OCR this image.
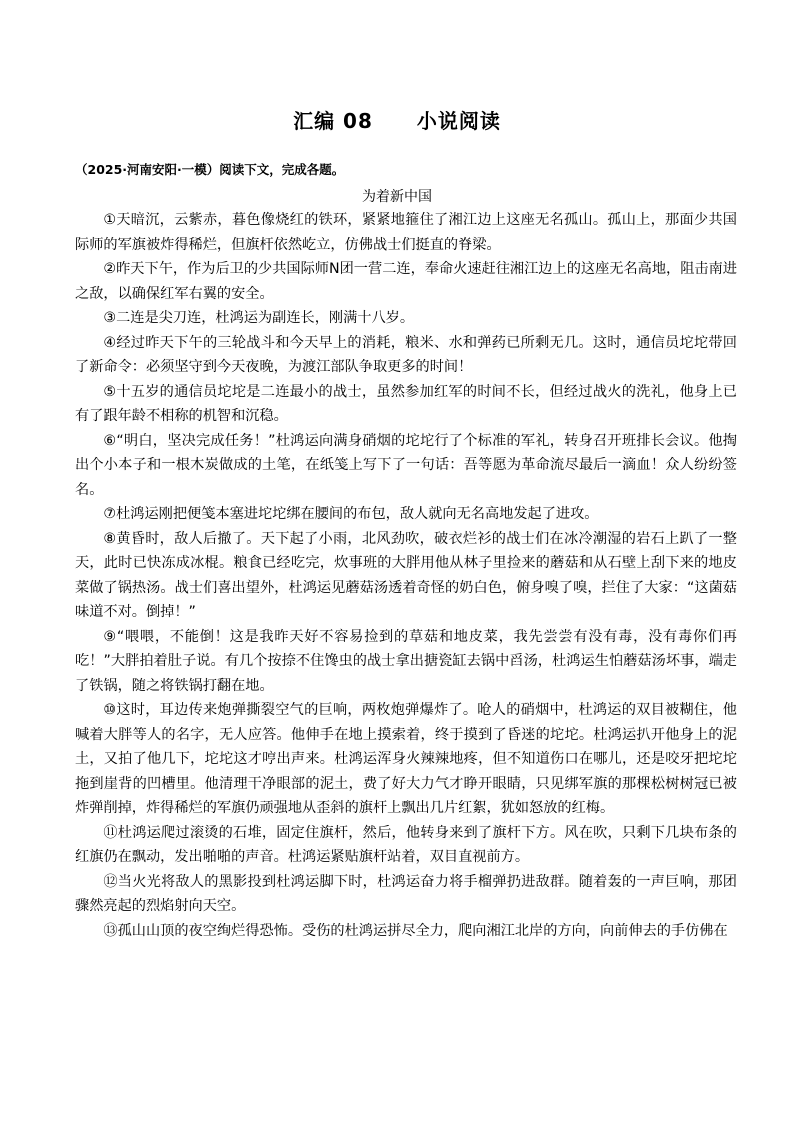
汇编 08 小说阅读
（2025·河南安阳·一模）阅读下文，完成各题。
为着新中国

①天暗沉，云紫赤，暮色像烧红的铁环，紧紧地箍住了湘江边上这座无名孤山。孤山上，那面少共国际师的军旗被炸得稀烂，但旗杆依然屹立，仿佛战士们挺直的脊梁。

②昨天下午，作为后卫的少共国际师N团一营二连，奉命火速赶往湘江边上的这座无名高地，阻击南进之敌，以确保红军右翼的安全。

③二连是尖刀连，杜鸿运为副连长，刚满十八岁。

④经过昨天下午的三轮战斗和今天早上的消耗，粮米、水和弹药已所剩无几。这时，通信员坨坨带回了新命令：必须坚守到今天夜晚，为渡江部队争取更多的时间！

⑤十五岁的通信员坨坨是二连最小的战士，虽然参加红军的时间不长，但经过战火的洗礼，他身上已有了跟年龄不相称的机智和沉稳。

⑥“明白，坚决完成任务！”杜鸿运向满身硝烟的坨坨行了个标准的军礼，转身召开班排长会议。他掏出个小本子和一根木炭做成的土笔，在纸笺上写下了一句话：吾等愿为革命流尽最后一滴血！众人纷纷签名。

⑦杜鸿运刚把便笺本塞进坨坨绑在腰间的布包，敌人就向无名高地发起了进攻。

⑧黄昏时，敌人后撤了。天下起了小雨，北风劲吹，破衣烂衫的战士们在冰冷潮湿的岩石上趴了一整天，此时已快冻成冰棍。粮食已经吃完，炊事班的大胖用他从林子里捡来的蘑菇和从石壁上刮下来的地皮菜做了锅热汤。战士们喜出望外，杜鸿运见蘑菇汤透着奇怪的奶白色，俯身嗅了嗅，拦住了大家：“这菌菇味道不对。倒掉！”

⑨“喂喂，不能倒！这是我昨天好不容易捡到的草菇和地皮菜，我先尝尝有没有毒，没有毒你们再吃！”大胖拍着肚子说。有几个按捺不住馋虫的战士拿出搪瓷缸去锅中舀汤，杜鸿运生怕蘑菇汤坏事，端走了铁锅，随之将铁锅打翻在地。

⑩这时，耳边传来炮弹撕裂空气的巨响，两枚炮弹爆炸了。呛人的硝烟中，杜鸿运的双目被糊住，他喊着大胖等人的名字，无人应答。他伸手在地上摸索着，终于摸到了昏迷的坨坨。杜鸿运扒开他身上的泥土，又拍了他几下，坨坨这才哼出声来。杜鸿运浑身火辣辣地疼，但不知道伤口在哪儿，还是咬牙把坨坨拖到崖背的凹槽里。他清理干净眼部的泥土，费了好大力气才睁开眼睛，只见绑军旗的那棵松树树冠已被炸弹削掉，炸得稀烂的军旗仍顽强地从歪斜的旗杆上飘出几片红絮，犹如怒放的红梅。

⑪杜鸿运爬过滚烫的石堆，固定住旗杆，然后，他转身来到了旗杆下方。风在吹，只剩下几块布条的红旗仍在飘动，发出啪啪的声音。杜鸿运紧贴旗杆站着，双目直视前方。

⑫当火光将敌人的黑影投到杜鸿运脚下时，杜鸿运奋力将手榴弹扔进敌群。随着轰的一声巨响，那团骤然亮起的烈焰射向天空。

⑬孤山山顶的夜空绚烂得恐怖。受伤的杜鸿运拼尽全力，爬向湘江北岸的方向，向前伸去的手仿佛在
